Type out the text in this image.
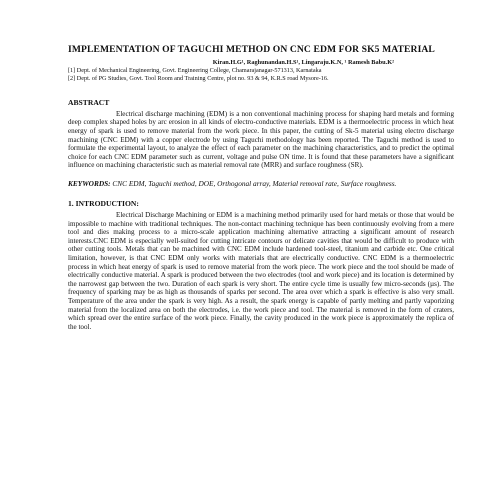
IMPLEMENTATION OF TAGUCHI METHOD ON CNC EDM FOR SK5 MATERIAL
Kiran.H.G¹, Raghunandan.H.S¹, Lingaraju.K.N, ¹ Ramesh Babu.K²

[1] Dept. of Mechanical Engineering, Govt. Engineering College, Chamarajanagar-571313, Karnataka

[2] Dept. of PG Studies, Govt. Tool Room and Training Centre, plot no. 93 & 94, K.R.S road Mysore-16.

ABSTRACT

Electrical discharge machining (EDM) is a non conventional machining process for shaping hard metals and forming deep complex shaped holes by arc erosion in all kinds of electro-conductive materials. EDM is a thermoelectric process in which heat energy of spark is used to remove material from the work piece. In this paper, the cutting of Sk-5 material using electro discharge machining (CNC EDM) with a copper electrode by using Taguchi methodology has been reported. The Taguchi method is used to formulate the experimental layout, to analyze the effect of each parameter on the machining characteristics, and to predict the optimal choice for each CNC EDM parameter such as current, voltage and pulse ON time. It is found that these parameters have a significant influence on machining characteristic such as material removal rate (MRR) and surface roughness (SR).

KEYWORDS: CNC EDM, Taguchi method, DOE, Orthogonal array, Material removal rate, Surface roughness.

1. INTRODUCTION:

Electrical Discharge Machining or EDM is a machining method primarily used for hard metals or those that would be impossible to machine with traditional techniques. The non-contact machining technique has been continuously evolving from a mere tool and dies making process to a micro-scale application machining alternative attracting a significant amount of research interests.CNC EDM is especially well-suited for cutting intricate contours or delicate cavities that would be difficult to produce with other cutting tools. Metals that can be machined with CNC EDM include hardened tool-steel, titanium and carbide etc. One critical limitation, however, is that CNC EDM only works with materials that are electrically conductive. CNC EDM is a thermoelectric process in which heat energy of spark is used to remove material from the work piece. The work piece and the tool should be made of electrically conductive material. A spark is produced between the two electrodes (tool and work piece) and its location is determined by the narrowest gap between the two. Duration of each spark is very short. The entire cycle time is usually few micro-seconds (µs). The frequency of sparking may be as high as thousands of sparks per second. The area over which a spark is effective is also very small. Temperature of the area under the spark is very high. As a result, the spark energy is capable of partly melting and partly vaporizing material from the localized area on both the electrodes, i.e. the work piece and tool. The material is removed in the form of craters, which spread over the entire surface of the work piece. Finally, the cavity produced in the work piece is approximately the replica of the tool.
